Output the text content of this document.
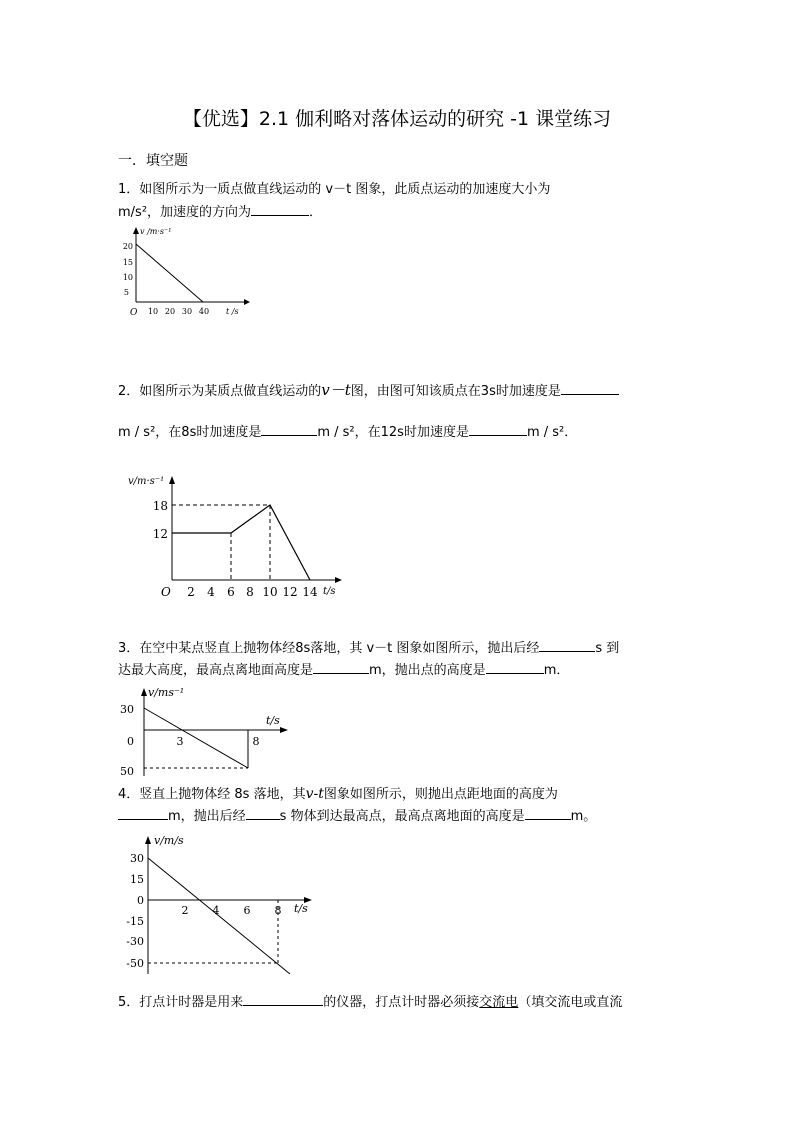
【优选】2.1 伽利略对落体运动的研究 -1 课堂练习
一．填空题
1．如图所示为一质点做直线运动的 v－t 图象，此质点运动的加速度大小为
m/s²，加速度的方向为	．
v /m·s⁻¹
t /s
O
5
10
15
20
10 20 30 40
2．如图所示为某质点做直线运动的v－t图，由图可知该质点在3s时加速度是
m / s²，在8s时加速度是	m / s²，在12s时加速度是	m / s²．
v/m·s⁻¹
t/s
O
12
18
2 4 6 8 10 12 14
3．在空中某点竖直上抛物体经8s落地，其 v－t 图象如图所示，抛出后经	s 到
达最大高度，最高点离地面高度是	m，抛出点的高度是	m．
v/ms⁻¹
t/s
30
0
50
3	8
4．竖直上抛物体经 8s 落地，其v-t图象如图所示，则抛出点距地面的高度为
m，抛出后经	s 物体到达最高点，最高点离地面的高度是	m。
v/m/s
t/s
30
15
0
-15
-30
-50
2 4 6 8
5．打点计时器是用来	的仪器，打点计时器必须接交流电（填交流电或直流
